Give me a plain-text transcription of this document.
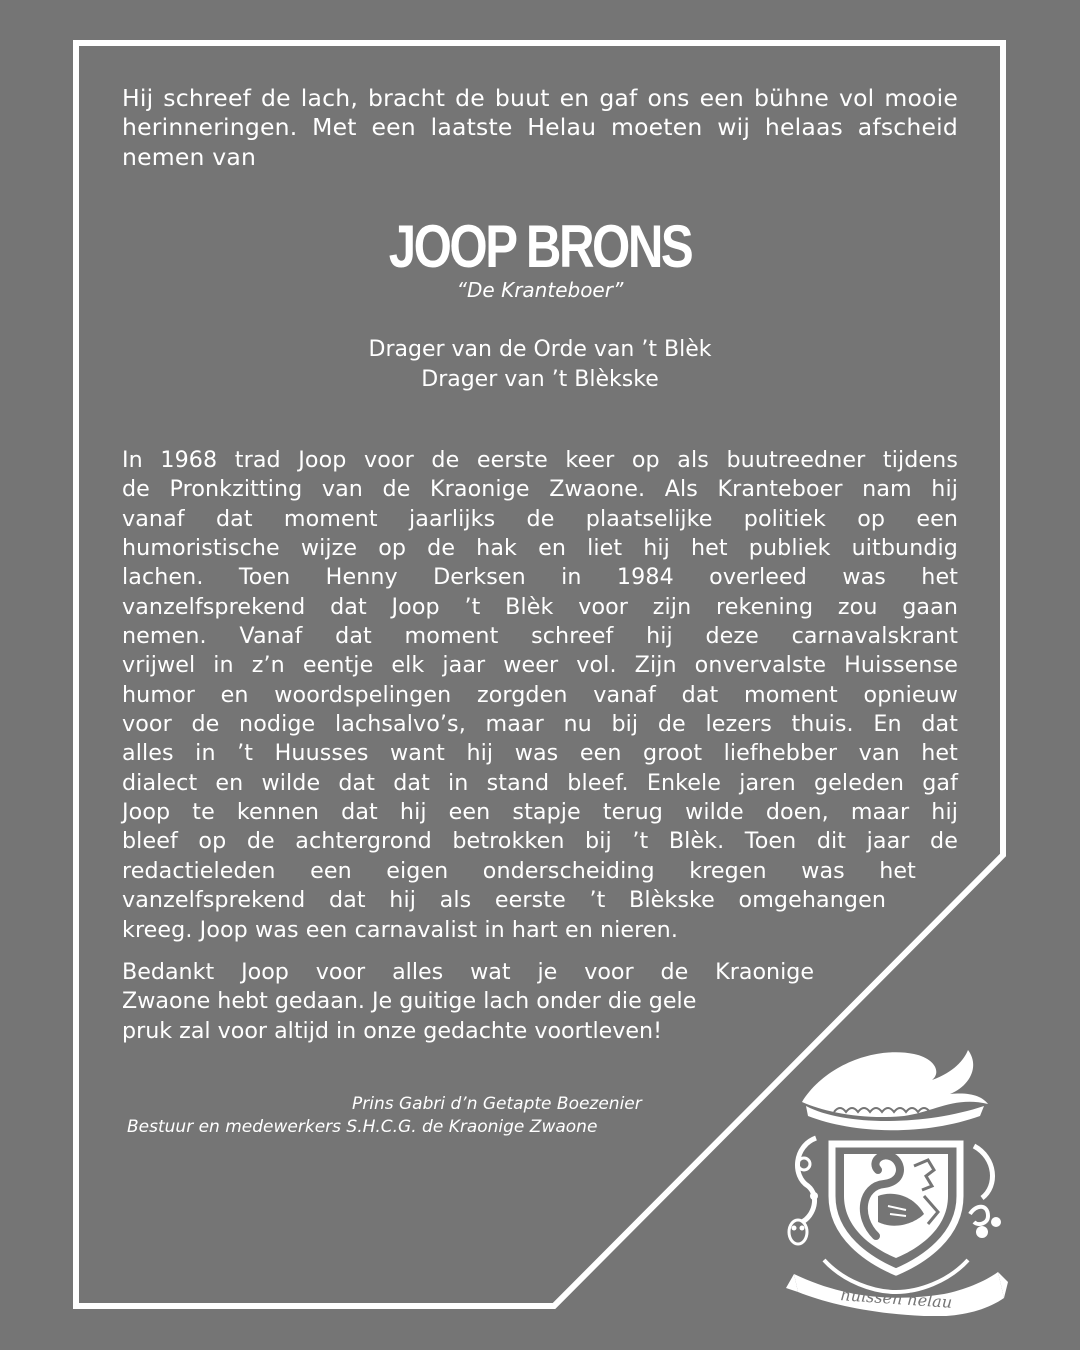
Hij schreef de lach, bracht de buut en gaf ons een bühne vol mooie herinneringen. Met een laatste Helau moeten wij helaas afscheid nemen van

JOOP BRONS

“De Kranteboer”

Drager van de Orde van ’t Blèk
Drager van ’t Blèkske
In 1968 trad Joop voor de eerste keer op als buutreedner tijdens
de Pronkzitting van de Kraonige Zwaone. Als Kranteboer nam hij
vanaf dat moment jaarlijks de plaatselijke politiek op een
humoristische wijze op de hak en liet hij het publiek uitbundig
lachen. Toen Henny Derksen in 1984 overleed was het
vanzelfsprekend dat Joop ’t Blèk voor zijn rekening zou gaan
nemen. Vanaf dat moment schreef hij deze carnavalskrant
vrijwel in z’n eentje elk jaar weer vol. Zijn onvervalste Huissense
humor en woordspelingen zorgden vanaf dat moment opnieuw
voor de nodige lachsalvo’s, maar nu bij de lezers thuis. En dat
alles in ’t Huusses want hij was een groot liefhebber van het
dialect en wilde dat dat in stand bleef. Enkele jaren geleden gaf
Joop te kennen dat hij een stapje terug wilde doen, maar hij
bleef op de achtergrond betrokken bij ’t Blèk. Toen dit jaar de
redactieleden een eigen onderscheiding kregen was het
vanzelfsprekend dat hij als eerste ’t Blèkske omgehangen
kreeg. Joop was een carnavalist in hart en nieren.
Bedankt Joop voor alles wat je voor de Kraonige
Zwaone hebt gedaan. Je guitige lach onder die gele
pruk zal voor altijd in onze gedachte voortleven!

Prins Gabri d’n Getapte Boezenier

Bestuur en medewerkers S.H.C.G. de Kraonige Zwaone

huissen helau
